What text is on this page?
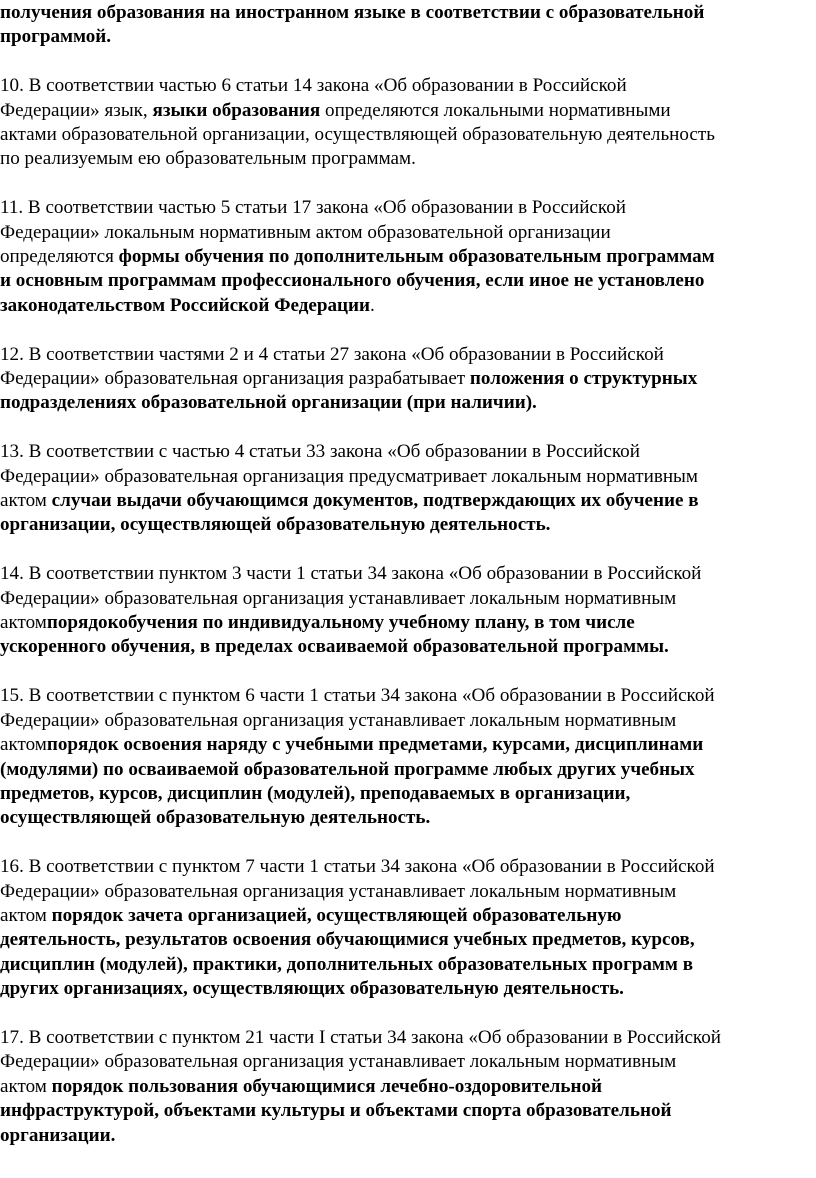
получения образования на иностранном языке в соответствии с образовательной
программой.

10. В соответствии частью 6 статьи 14 закона «Об образовании в Российской
Федерации» язык, языки образования определяются локальными нормативными
актами образовательной организации, осуществляющей образовательную деятельность
по реализуемым ею образовательным программам.

11. В соответствии частью 5 статьи 17 закона «Об образовании в Российской
Федерации» локальным нормативным актом образовательной организации
определяются формы обучения по дополнительным образовательным программам
и основным программам профессионального обучения, если иное не установлено
законодательством Российской Федерации.

12. В соответствии частями 2 и 4 статьи 27 закона «Об образовании в Российской
Федерации» образовательная организация разрабатывает положения о структурных
подразделениях образовательной организации (при наличии).

13. В соответствии с частью 4 статьи 33 закона «Об образовании в Российской
Федерации» образовательная организация предусматривает локальным нормативным
актом случаи выдачи обучающимся документов, подтверждающих их обучение в
организации, осуществляющей образовательную деятельность.

14. В соответствии пунктом 3 части 1 статьи 34 закона «Об образовании в Российской
Федерации» образовательная организация устанавливает локальным нормативным
актомпорядокобучения по индивидуальному учебному плану, в том числе
ускоренного обучения, в пределах осваиваемой образовательной программы.

15. В соответствии с пунктом 6 части 1 статьи 34 закона «Об образовании в Российской
Федерации» образовательная организация устанавливает локальным нормативным
актомпорядок освоения наряду с учебными предметами, курсами, дисциплинами
(модулями) по осваиваемой образовательной программе любых других учебных
предметов, курсов, дисциплин (модулей), преподаваемых в организации,
осуществляющей образовательную деятельность.

16. В соответствии с пунктом 7 части 1 статьи 34 закона «Об образовании в Российской
Федерации» образовательная организация устанавливает локальным нормативным
актом порядок зачета организацией, осуществляющей образовательную
деятельность, результатов освоения обучающимися учебных предметов, курсов,
дисциплин (модулей), практики, дополнительных образовательных программ в
других организациях, осуществляющих образовательную деятельность.

17. В соответствии с пунктом 21 части I статьи 34 закона «Об образовании в Российской
Федерации» образовательная организация устанавливает локальным нормативным
актом порядок пользования обучающимися лечебно-оздоровительной
инфраструктурой, объектами культуры и объектами спорта образовательной
организации.
